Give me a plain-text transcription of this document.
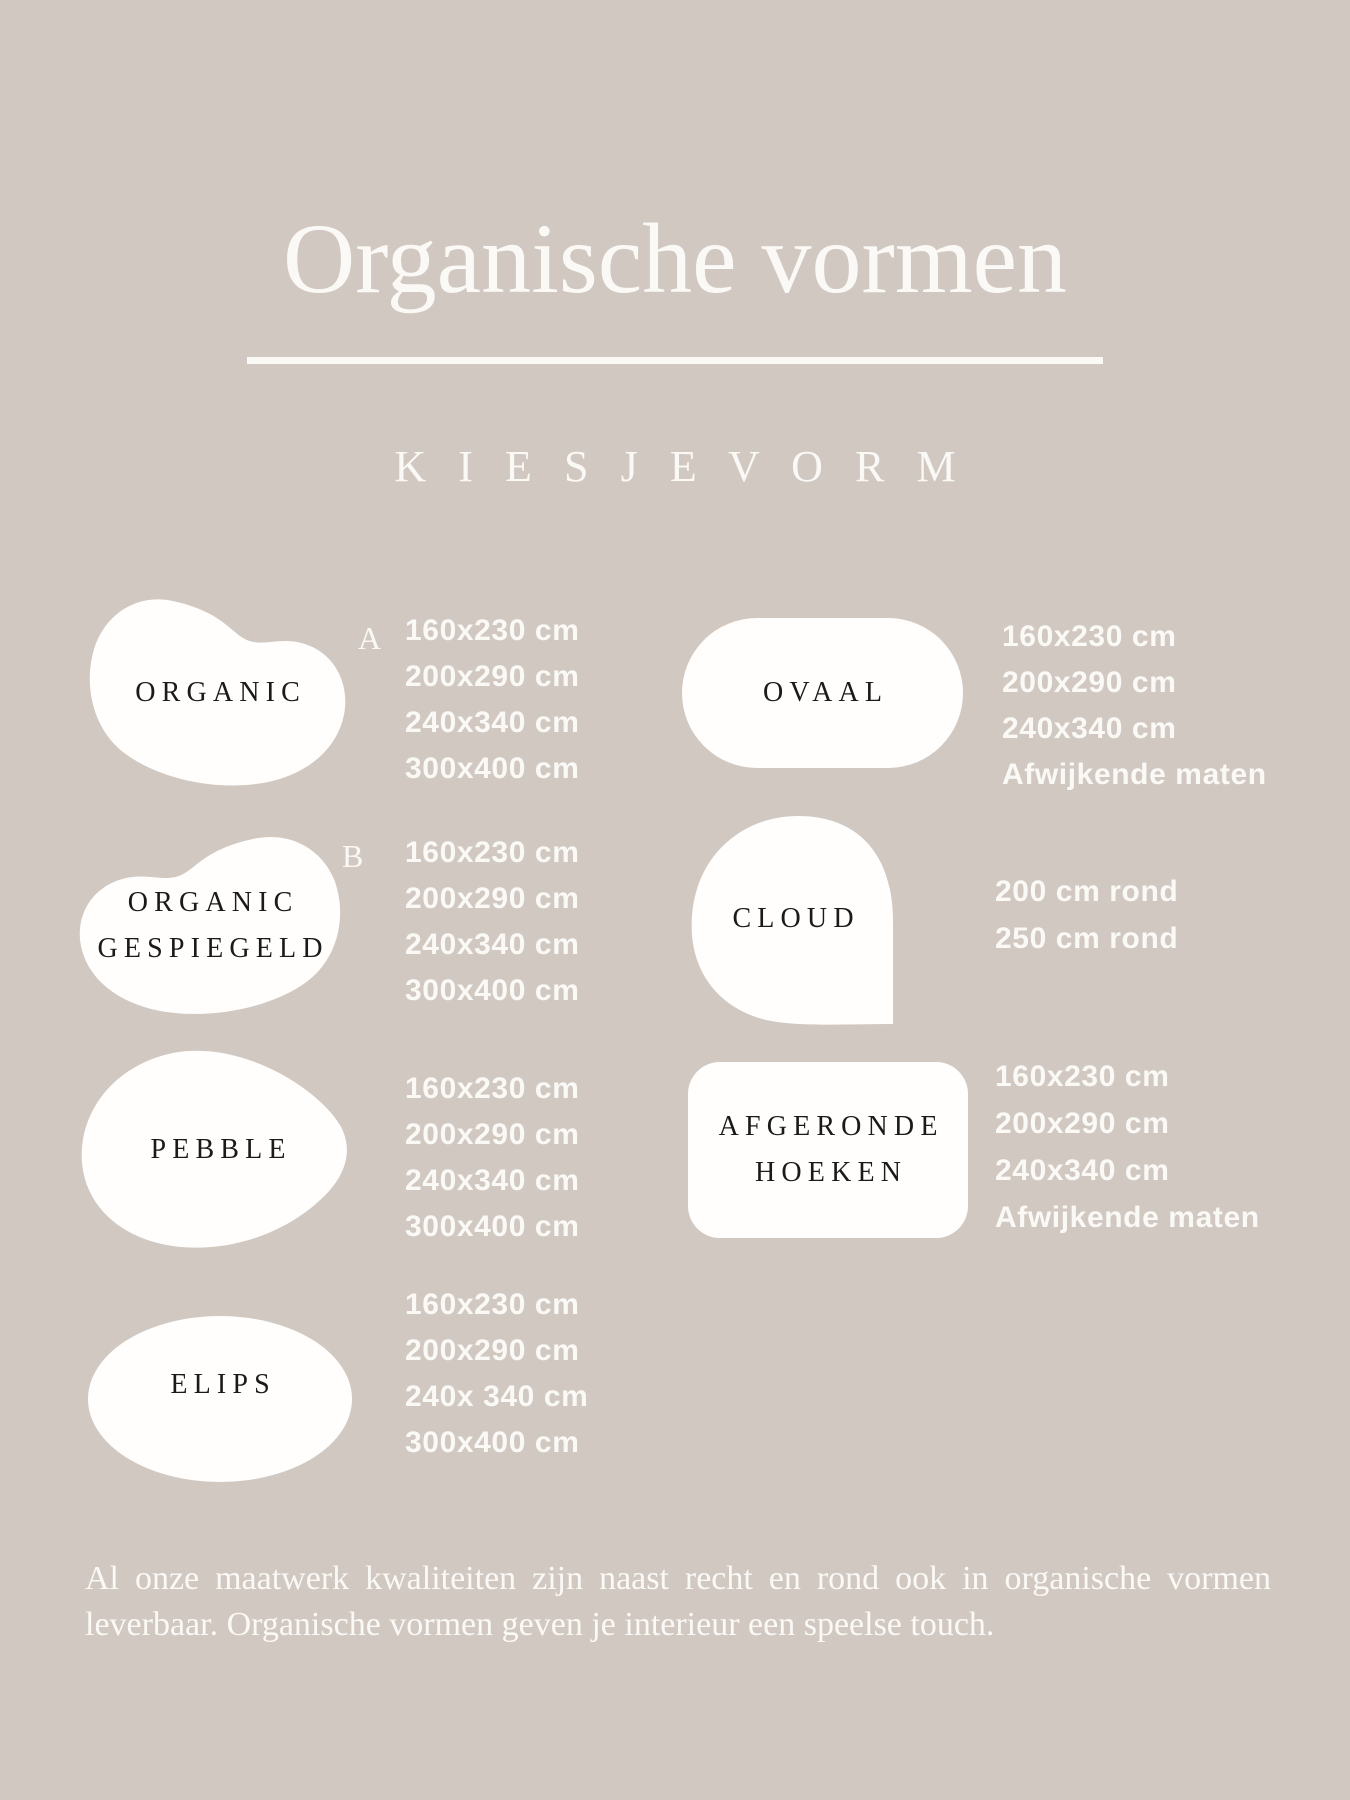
Organische vormen
K I E S J E V O R M
ORGANIC
A 160x230 cm
200x290 cm
240x340 cm
300x400 cm
ORGANIC
GESPIEGELD
B 160x230 cm
200x290 cm
240x340 cm
300x400 cm
PEBBLE
160x230 cm
200x290 cm
240x340 cm
300x400 cm
ELIPS
160x230 cm
200x290 cm
240x 340 cm
300x400 cm
OVAAL
160x230 cm
200x290 cm
240x340 cm
Afwijkende maten
CLOUD
200 cm rond
250 cm rond
AFGERONDE
HOEKEN
160x230 cm
200x290 cm
240x340 cm
Afwijkende maten
Al onze maatwerk kwaliteiten zijn naast recht en rond ook in organische vormen
leverbaar. Organische vormen geven je interieur een speelse touch.
